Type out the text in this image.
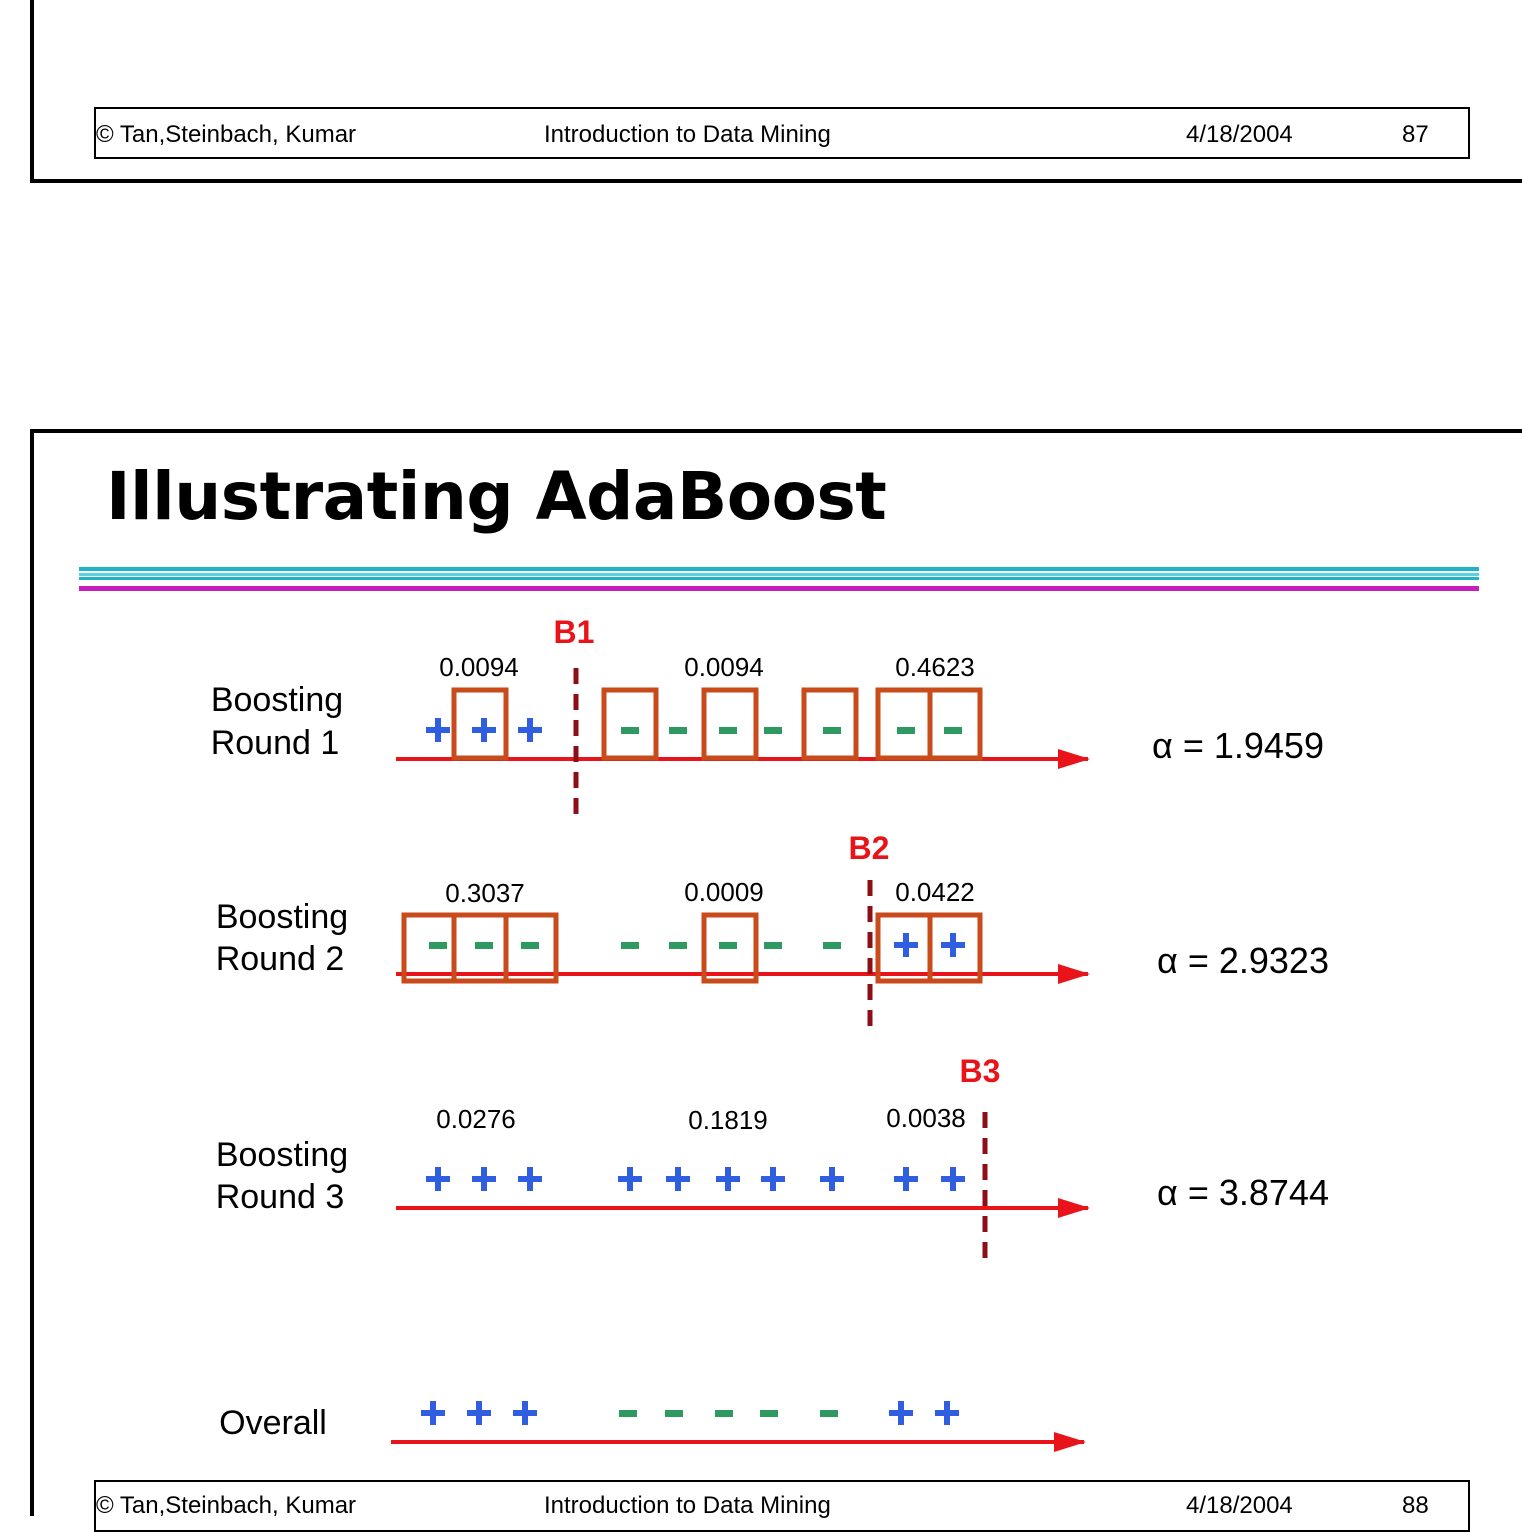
© Tan,Steinbach, Kumar	Introduction to Data Mining	4/18/2004	87
© Tan,Steinbach, Kumar	Introduction to Data Mining	4/18/2004	88
Illustrating AdaBoost
Boosting
Round 1
0.0094	0.0094	0.4623
B1
α = 1.9459
Boosting
Round 2
0.3037	0.0009	0.0422
B2
α = 2.9323
Boosting
Round 3
0.0276	0.1819	0.0038
B3
α = 3.8744
Overall
